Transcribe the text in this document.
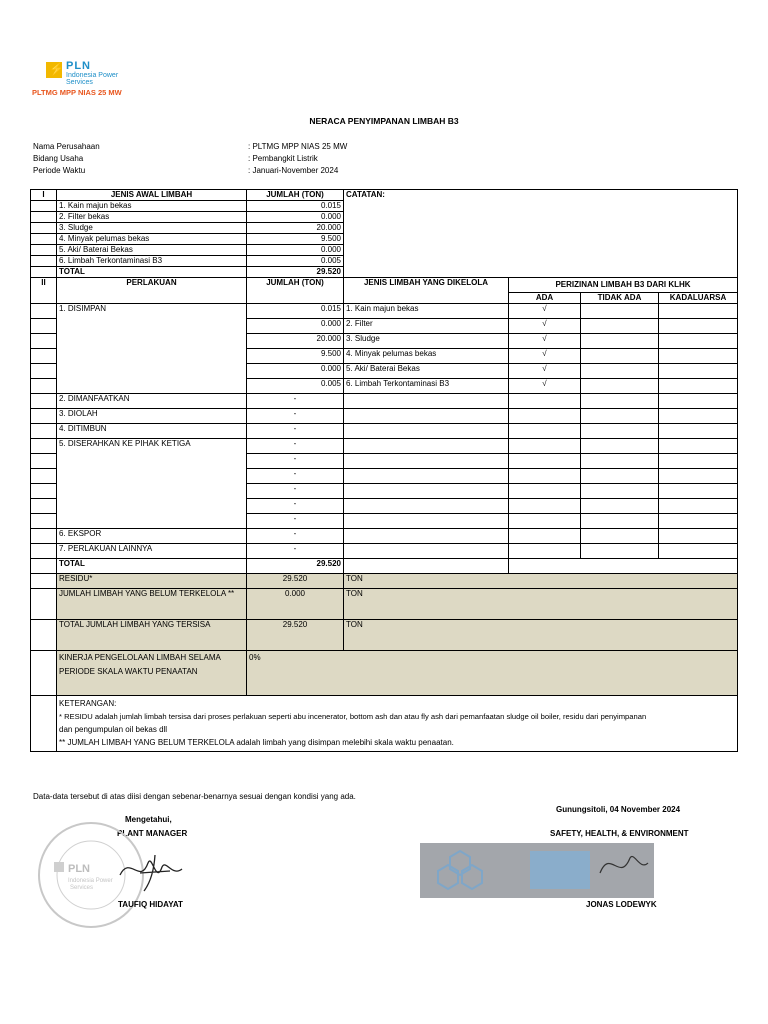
⚡ PLN
Indonesia Power
Services
PLTMG MPP NIAS 25 MW
NERACA PENYIMPANAN LIMBAH B3
Nama Perusahaan	: PLTMG MPP NIAS 25 MW
Bidang Usaha	: Pembangkit Listrik
Periode Waktu	: Januari-November 2024
I	JENIS AWAL LIMBAH	JUMLAH (TON)	CATATAN:			
	1. Kain majun bekas	0.015				
	2. Filter bekas	0.000				
	3. Sludge	20.000				
	4. Minyak pelumas bekas	9.500				
	5. Aki/ Baterai Bekas	0.000				
	6. Limbah Terkontaminasi B3	0.005				
	TOTAL	29.520				
II	PERLAKUAN	JUMLAH (TON)	JENIS LIMBAH YANG DIKELOLA	PERIZINAN LIMBAH B3 DARI KLHK		
				ADA	TIDAK ADA	KADALUARSA
	1. DISIMPAN	0.015	1. Kain majun bekas	√		
		0.000	2. Filter	√		
		20.000	3. Sludge	√		
		9.500	4. Minyak pelumas bekas	√		
		0.000	5. Aki/ Baterai Bekas	√		
		0.005	6. Limbah Terkontaminasi B3	√		
	2. DIMANFAATKAN	-				
	3. DIOLAH	-				
	4. DITIMBUN	-				
	5. DISERAHKAN KE PIHAK KETIGA	-				
		-				
		-				
		-				
		-				
		-				
	6. EKSPOR	-				
	7. PERLAKUAN LAINNYA	-				
	TOTAL	29.520				
	RESIDU*	29.520	TON			
	JUMLAH LIMBAH YANG BELUM TERKELOLA **	0.000	TON			
	TOTAL JUMLAH LIMBAH YANG TERSISA	29.520	TON			

	KINERJA PENGELOLAAN LIMBAH SELAMA
PERIODE SKALA WAKTU PENAATAN	0%				

	KETERANGAN:
* RESIDU adalah jumlah limbah tersisa dari proses perlakuan seperti abu incenerator, bottom ash dan atau fly ash dari pemanfaatan sludge oil boiler, residu dari penyimpanan
dan pengumpulan oil bekas dll
** JUMLAH LIMBAH YANG BELUM TERKELOLA adalah limbah yang disimpan melebihi skala waktu penaatan.					
Data-data tersebut di atas diisi dengan sebenar-benarnya sesuai dengan kondisi yang ada.
Gunungsitoli, 04 November 2024
Mengetahui,
PLANT MANAGER	SAFETY, HEALTH, & ENVIRONMENT
PLN
Indonesia Power
Services
TAUFIQ HIDAYAT	JONAS LODEWYK
